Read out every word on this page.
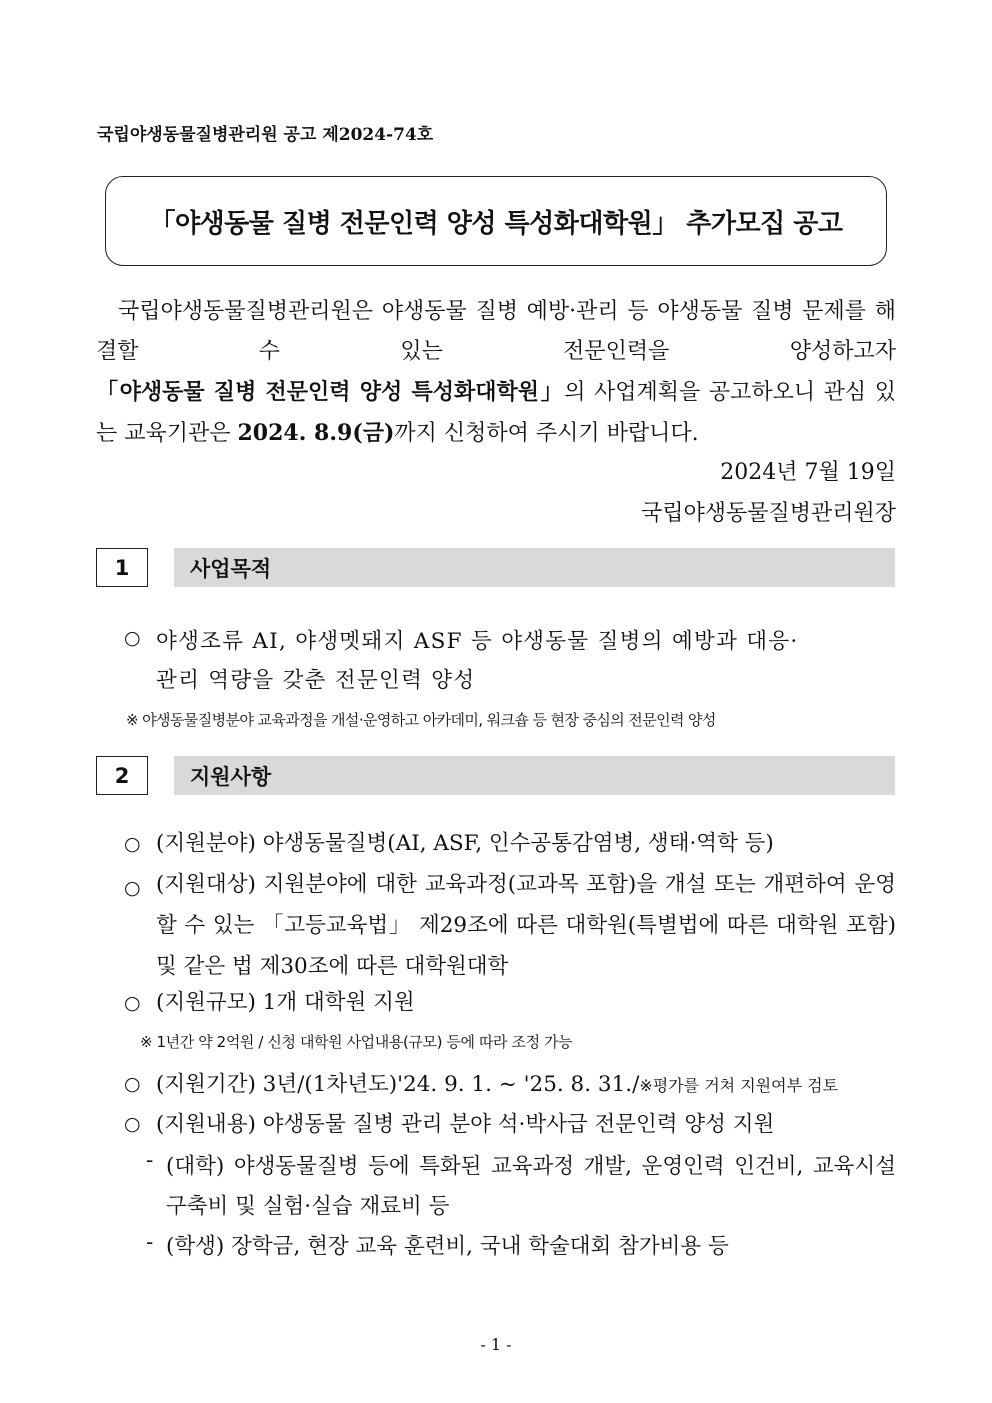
국립야생동물질병관리원 공고 제2024-74호
「야생동물 질병 전문인력 양성 특성화대학원」 추가모집 공고
국립야생동물질병관리원은 야생동물 질병 예방·관리 등 야생동물 질병 문제를 해결할 수 있는 전문인력을 양성하고자 「야생동물 질병 전문인력 양성 특성화대학원」의 사업계획을 공고하오니 관심 있는 교육기관은 2024. 8.9(금)까지 신청하여 주시기 바랍니다.
2024년 7월 19일
국립야생동물질병관리원장
1	사업목적
○ 야생조류 AI, 야생멧돼지 ASF 등 야생동물 질병의 예방과 대응·
관리 역량을 갖춘 전문인력 양성
※ 야생동물질병분야 교육과정을 개설·운영하고 아카데미, 워크숍 등 현장 중심의 전문인력 양성
2	지원사항
○ (지원분야) 야생동물질병(AI, ASF, 인수공통감염병, 생태·역학 등)
○ (지원대상) 지원분야에 대한 교육과정(교과목 포함)을 개설 또는 개편하여 운영할 수 있는 「고등교육법」 제29조에 따른 대학원(특별법에 따른 대학원 포함) 및 같은 법 제30조에 따른 대학원대학
○ (지원규모) 1개 대학원 지원
※ 1년간 약 2억원 / 신청 대학원 사업내용(규모) 등에 따라 조정 가능
○ (지원기간) 3년/(1차년도)'24. 9. 1. ~ '25. 8. 31./※평가를 거쳐 지원여부 검토
○ (지원내용) 야생동물 질병 관리 분야 석·박사급 전문인력 양성 지원
- (대학) 야생동물질병 등에 특화된 교육과정 개발, 운영인력 인건비, 교육시설 구축비 및 실험·실습 재료비 등
- (학생) 장학금, 현장 교육 훈련비, 국내 학술대회 참가비용 등
- 1 -
